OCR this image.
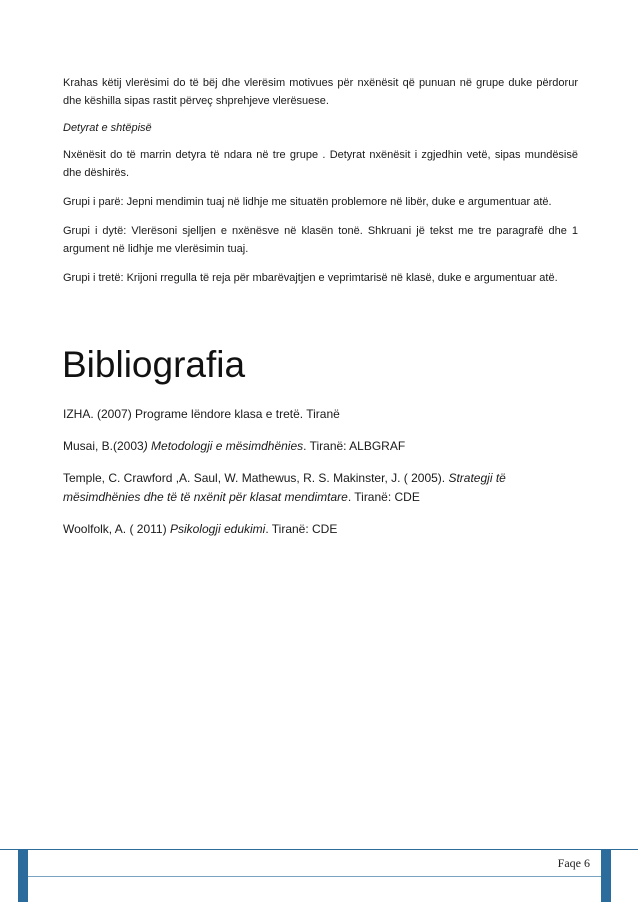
Krahas këtij vlerësimi do të bëj dhe vlerësim motivues për nxënësit që punuan në grupe duke përdorur dhe këshilla sipas rastit përveç shprehjeve vlerësuese.

Detyrat e shtëpisë

Nxënësit do të marrin detyra të ndara në tre grupe . Detyrat nxënësit i zgjedhin vetë, sipas mundësisë dhe dëshirës.

Grupi i parë: Jepni mendimin tuaj në lidhje me situatën problemore në libër, duke e argumentuar atë.

Grupi i dytë: Vlerësoni sjelljen e nxënësve në klasën tonë. Shkruani jë tekst me tre paragrafë dhe 1 argument në lidhje me vlerësimin tuaj.

Grupi i tretë: Krijoni rregulla të reja për mbarëvajtjen e veprimtarisë në klasë, duke e argumentuar atë.

Bibliografia

IZHA. (2007) Programe lëndore klasa e tretë. Tiranë

Musai, B.(2003) Metodologji e mësimdhënies. Tiranë: ALBGRAF

Temple, C. Crawford ,A. Saul, W. Mathewus, R. S. Makinster, J. ( 2005). Strategji të mësimdhënies dhe të të nxënit për klasat mendimtare. Tiranë: CDE

Woolfolk, A. ( 2011) Psikologji edukimi. Tiranë: CDE

Faqe 6
